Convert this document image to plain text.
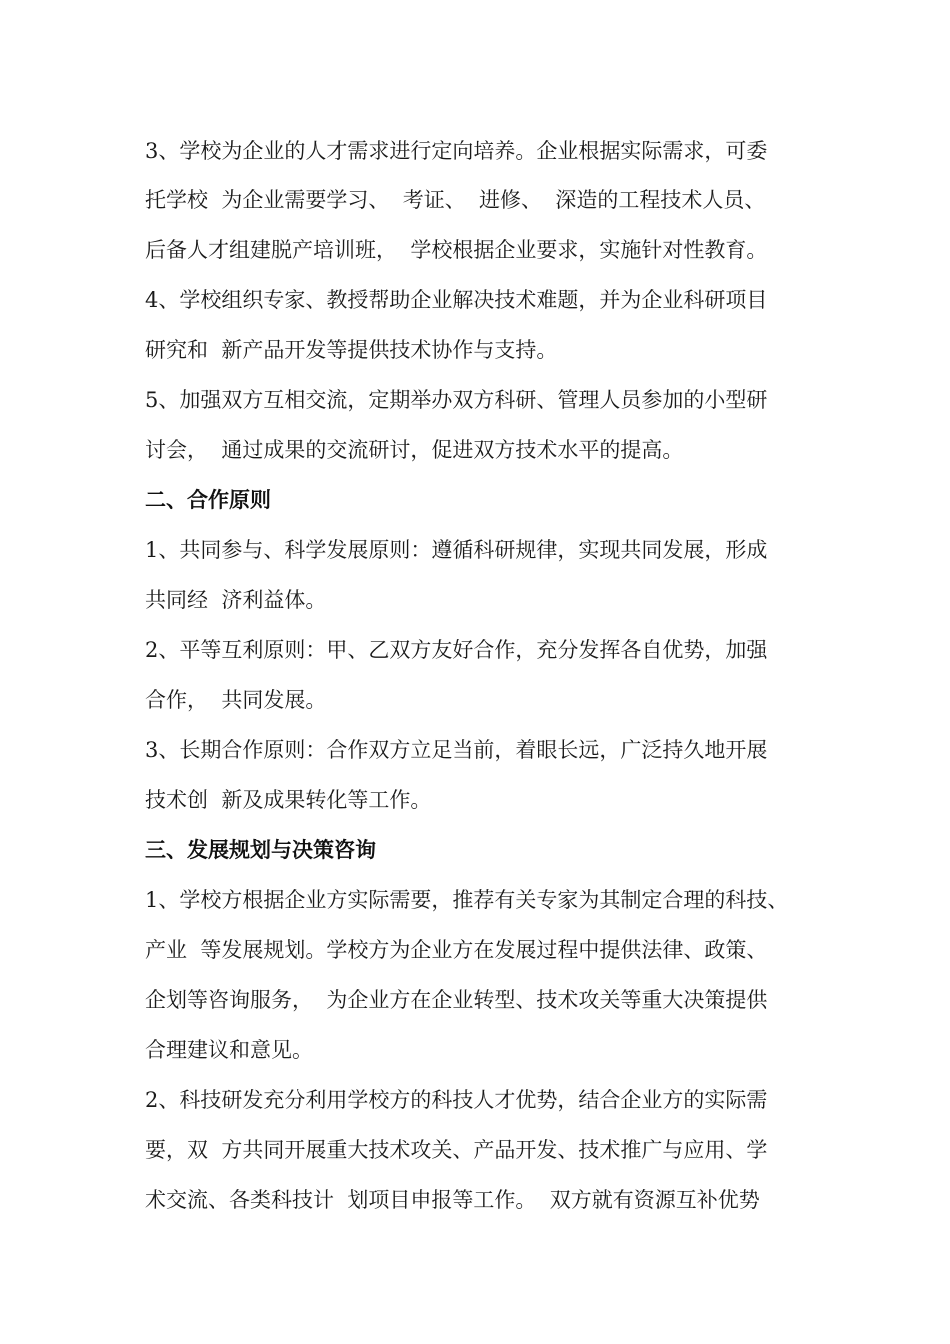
3、学校为企业的人才需求进行定向培养。企业根据实际需求，可委
托学校  为企业需要学习、  考证、  进修、  深造的工程技术人员、
后备人才组建脱产培训班，  学校根据企业要求，实施针对性教育。
4、学校组织专家、教授帮助企业解决技术难题，并为企业科研项目
研究和  新产品开发等提供技术协作与支持。
5、加强双方互相交流，定期举办双方科研、管理人员参加的小型研
讨会，  通过成果的交流研讨，促进双方技术水平的提高。
二、合作原则
1、共同参与、科学发展原则：遵循科研规律，实现共同发展，形成
共同经  济利益体。
2、平等互利原则：甲、乙双方友好合作，充分发挥各自优势，加强
合作，  共同发展。
3、长期合作原则：合作双方立足当前，着眼长远，广泛持久地开展
技术创  新及成果转化等工作。
三、发展规划与决策咨询
1、学校方根据企业方实际需要，推荐有关专家为其制定合理的科技、
产业  等发展规划。学校方为企业方在发展过程中提供法律、政策、
企划等咨询服务，  为企业方在企业转型、技术攻关等重大决策提供
合理建议和意见。
2、科技研发充分利用学校方的科技人才优势，结合企业方的实际需
要，双  方共同开展重大技术攻关、产品开发、技术推广与应用、学
术交流、各类科技计  划项目申报等工作。  双方就有资源互补优势
